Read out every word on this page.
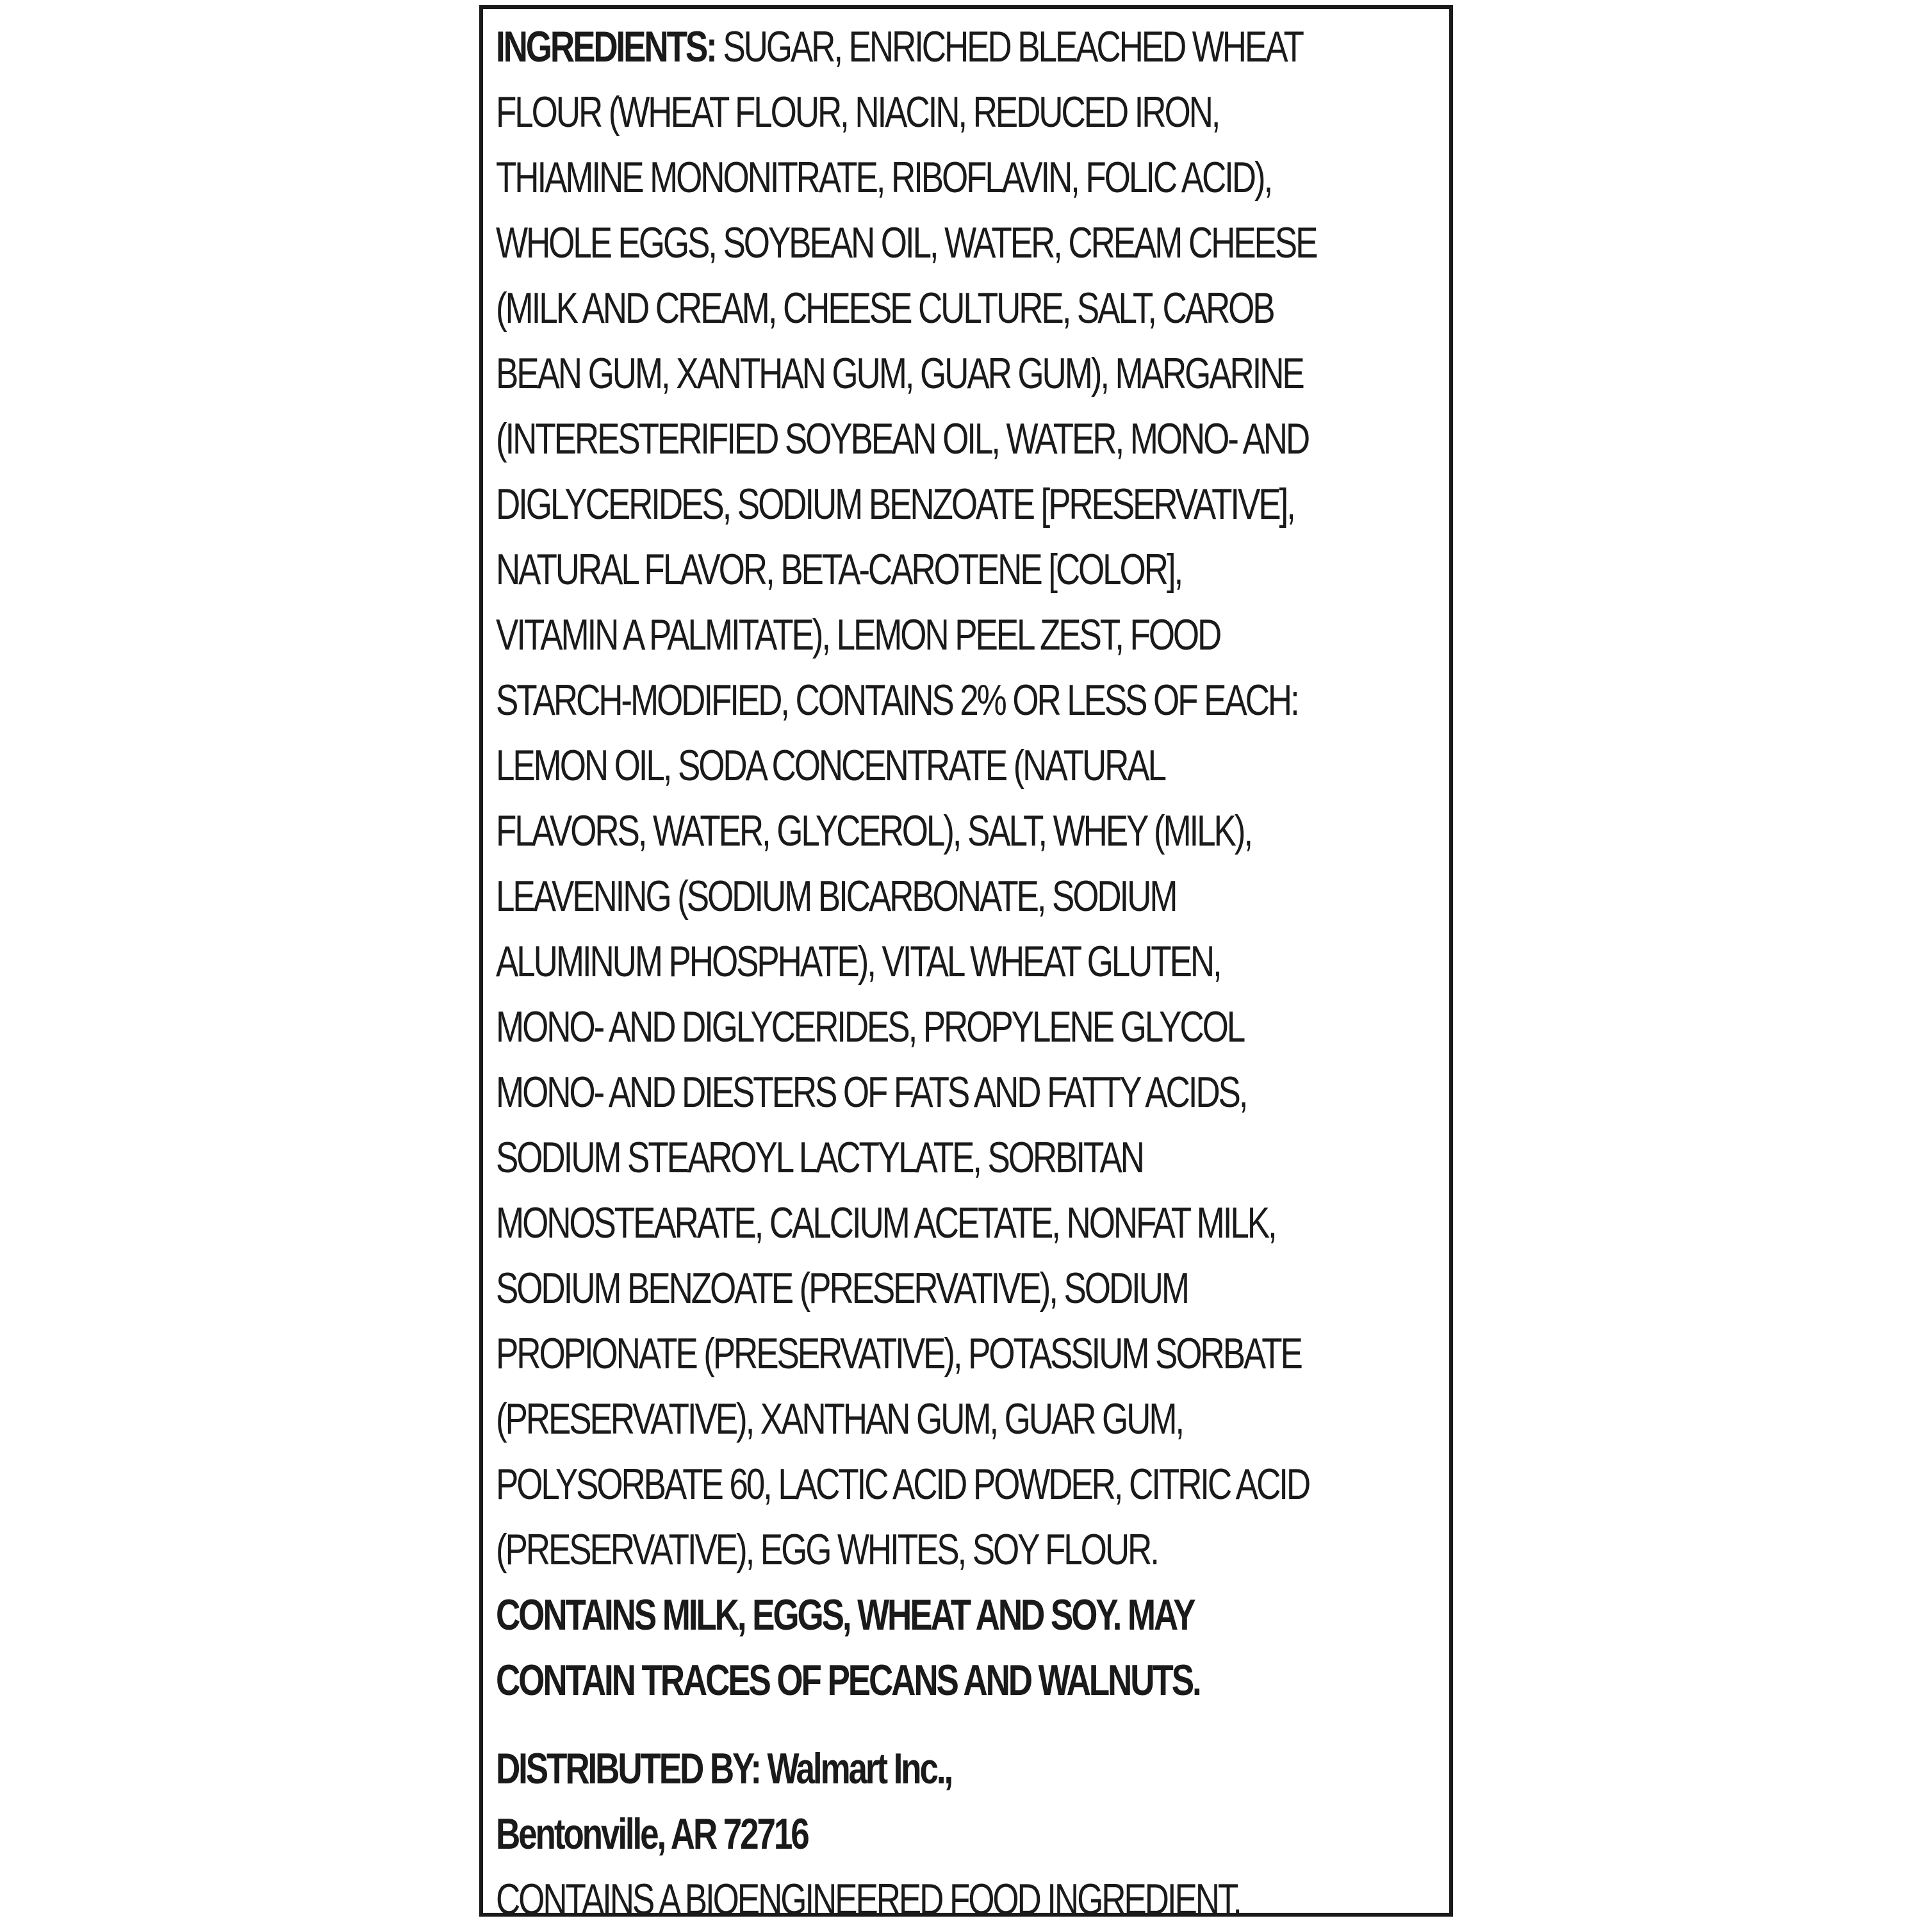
INGREDIENTS: SUGAR, ENRICHED BLEACHED WHEAT
FLOUR (WHEAT FLOUR, NIACIN, REDUCED IRON,
THIAMINE MONONITRATE, RIBOFLAVIN, FOLIC ACID),
WHOLE EGGS, SOYBEAN OIL, WATER, CREAM CHEESE
(MILK AND CREAM, CHEESE CULTURE, SALT, CAROB
BEAN GUM, XANTHAN GUM, GUAR GUM), MARGARINE
(INTERESTERIFIED SOYBEAN OIL, WATER, MONO- AND
DIGLYCERIDES, SODIUM BENZOATE [PRESERVATIVE],
NATURAL FLAVOR, BETA-CAROTENE [COLOR],
VITAMIN A PALMITATE), LEMON PEEL ZEST, FOOD
STARCH-MODIFIED, CONTAINS 2% OR LESS OF EACH:
LEMON OIL, SODA CONCENTRATE (NATURAL
FLAVORS, WATER, GLYCEROL), SALT, WHEY (MILK),
LEAVENING (SODIUM BICARBONATE, SODIUM
ALUMINUM PHOSPHATE), VITAL WHEAT GLUTEN,
MONO- AND DIGLYCERIDES, PROPYLENE GLYCOL
MONO- AND DIESTERS OF FATS AND FATTY ACIDS,
SODIUM STEAROYL LACTYLATE, SORBITAN
MONOSTEARATE, CALCIUM ACETATE, NONFAT MILK,
SODIUM BENZOATE (PRESERVATIVE), SODIUM
PROPIONATE (PRESERVATIVE), POTASSIUM SORBATE
(PRESERVATIVE), XANTHAN GUM, GUAR GUM,
POLYSORBATE 60, LACTIC ACID POWDER, CITRIC ACID
(PRESERVATIVE), EGG WHITES, SOY FLOUR.
CONTAINS MILK, EGGS, WHEAT AND SOY. MAY
CONTAIN TRACES OF PECANS AND WALNUTS.
DISTRIBUTED BY: Walmart Inc.,
Bentonville, AR 72716
CONTAINS A BIOENGINEERED FOOD INGREDIENT.
